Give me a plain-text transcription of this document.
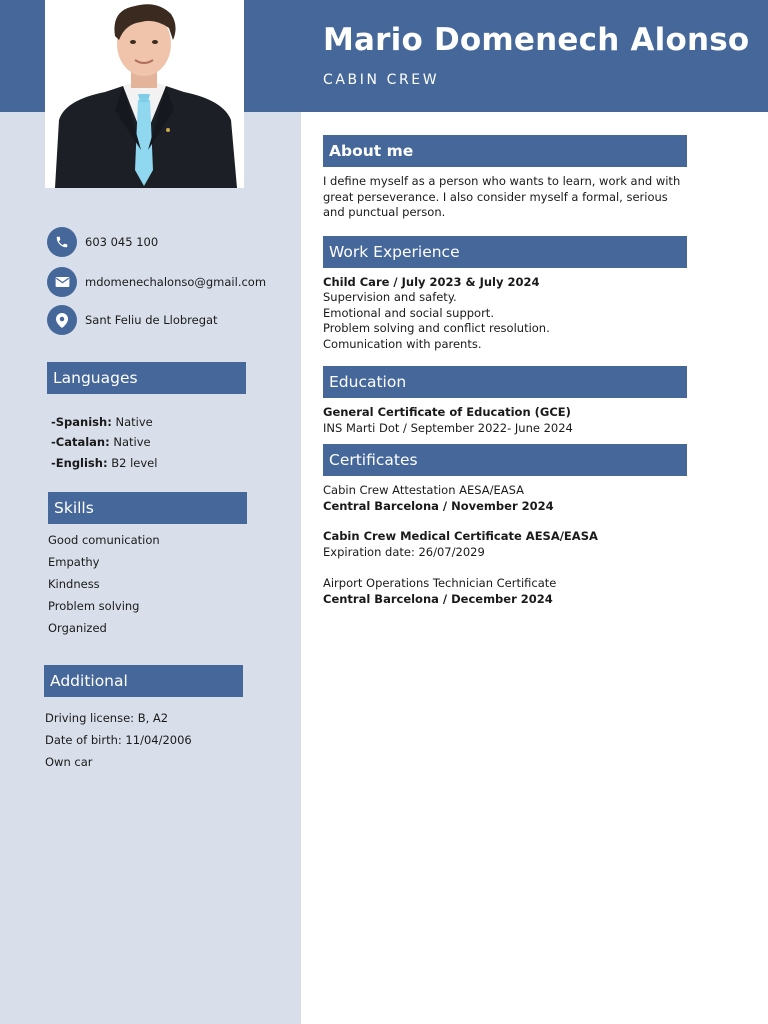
Mario Domenech Alonso
CABIN CREW
603 045 100
mdomenechalonso@gmail.com
Sant Feliu de Llobregat
Languages
-Spanish: Native
-Catalan: Native
-English: B2 level
Skills
Good comunication
Empathy
Kindness
Problem solving
Organized
Additional
Driving license: B, A2
Date of birth: 11/04/2006
Own car
About me
I define myself as a person who wants to learn, work and with
great perseverance. I also consider myself a formal, serious
and punctual person.
Work Experience
Child Care / July 2023 & July 2024
Supervision and safety.
Emotional and social support.
Problem solving and conflict resolution.
Comunication with parents.
Education
General Certificate of Education (GCE)
INS Marti Dot / September 2022- June 2024
Certificates
Cabin Crew Attestation AESA/EASA
Central Barcelona / November 2024
Cabin Crew Medical Certificate AESA/EASA
Expiration date: 26/07/2029
Airport Operations Technician Certificate
Central Barcelona / December 2024
